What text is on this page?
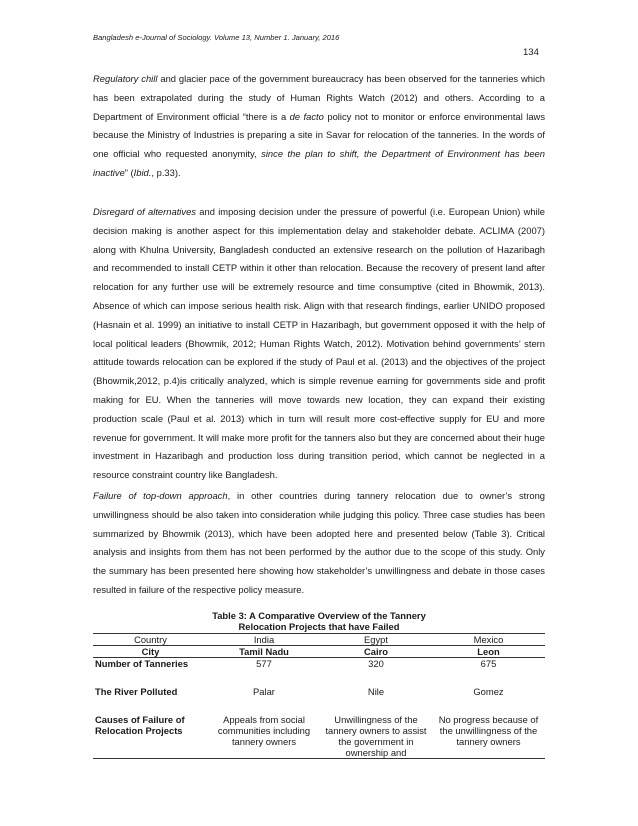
Bangladesh e-Journal of Sociology. Volume 13, Number 1. January, 2016
134

Regulatory chill and glacier pace of the government bureaucracy has been observed for the tanneries which has been extrapolated during the study of Human Rights Watch (2012) and others. According to a Department of Environment official “there is a de facto policy not to monitor or enforce environmental laws because the Ministry of Industries is preparing a site in Savar for relocation of the tanneries. In the words of one official who requested anonymity, since the plan to shift, the Department of Environment has been inactive” (Ibid., p.33).

Disregard of alternatives and imposing decision under the pressure of powerful (i.e. European Union) while decision making is another aspect for this implementation delay and stakeholder debate. ACLIMA (2007) along with Khulna University, Bangladesh conducted an extensive research on the pollution of Hazaribagh and recommended to install CETP within it other than relocation. Because the recovery of present land after relocation for any further use will be extremely resource and time consumptive (cited in Bhowmik, 2013). Absence of which can impose serious health risk. Align with that research findings, earlier UNIDO proposed (Hasnain et al. 1999) an initiative to install CETP in Hazaribagh, but government opposed it with the help of local political leaders (Bhowmik, 2012; Human Rights Watch, 2012). Motivation behind governments’ stern attitude towards relocation can be explored if the study of Paul et al. (2013) and the objectives of the project (Bhowmik,2012, p.4)is critically analyzed, which is simple revenue earning for governments side and profit making for EU. When the tanneries will move towards new location, they can expand their existing production scale (Paul et al. 2013) which in turn will result more cost-effective supply for EU and more revenue for government. It will make more profit for the tanners also but they are concerned about their huge investment in Hazaribagh and production loss during transition period, which cannot be neglected in a resource constraint country like Bangladesh.

Failure of top-down approach, in other countries during tannery relocation due to owner’s strong unwillingness should be also taken into consideration while judging this policy. Three case studies has been summarized by Bhowmik (2013), which have been adopted here and presented below (Table 3). Critical analysis and insights from them has not been performed by the author due to the scope of this study. Only the summary has been presented here showing how stakeholder’s unwillingness and debate in those cases resulted in failure of the respective policy measure.

Table 3: A Comparative Overview of the Tannery Relocation Projects that have Failed
Country	India	Egypt	Mexico
City	Tamil Nadu	Cairo	Leon
Number of Tanneries	577	320	675
The River Polluted	Palar	Nile	Gomez
Causes of Failure of Relocation Projects	Appeals from social communities including tannery owners	Unwillingness of the tannery owners to assist the government in ownership and	No progress because of the unwillingness of the tannery owners
